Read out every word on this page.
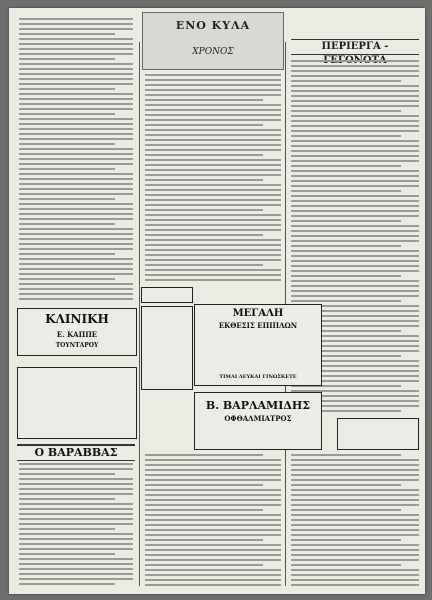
ΕΝΟ ΚΥΛΑ
ΧΡΟΝΟΣ	ΠΕΡΙΕΡΓΑ -
ΚΛΙΝΙΚΗ
Ε. ΚΑΠΠΕ
ΤΟΥΝΤΑΡΟΥ
Ο ΒΑΡΑΒΒΑΣ
ΜΕΓΑΛΗ
ΕΚΘΕΣΙΣ ΕΠΙΠΛΩΝ
ΤΙΜΑΙ ΛΕΥΚΑΙ ΓΙΝΩΣΚΕΤΕ
Β. ΒΑΡΛΑΜΙΔΗΣ
ΟΦΘΑΛΜΙΑΤΡΟΣ
